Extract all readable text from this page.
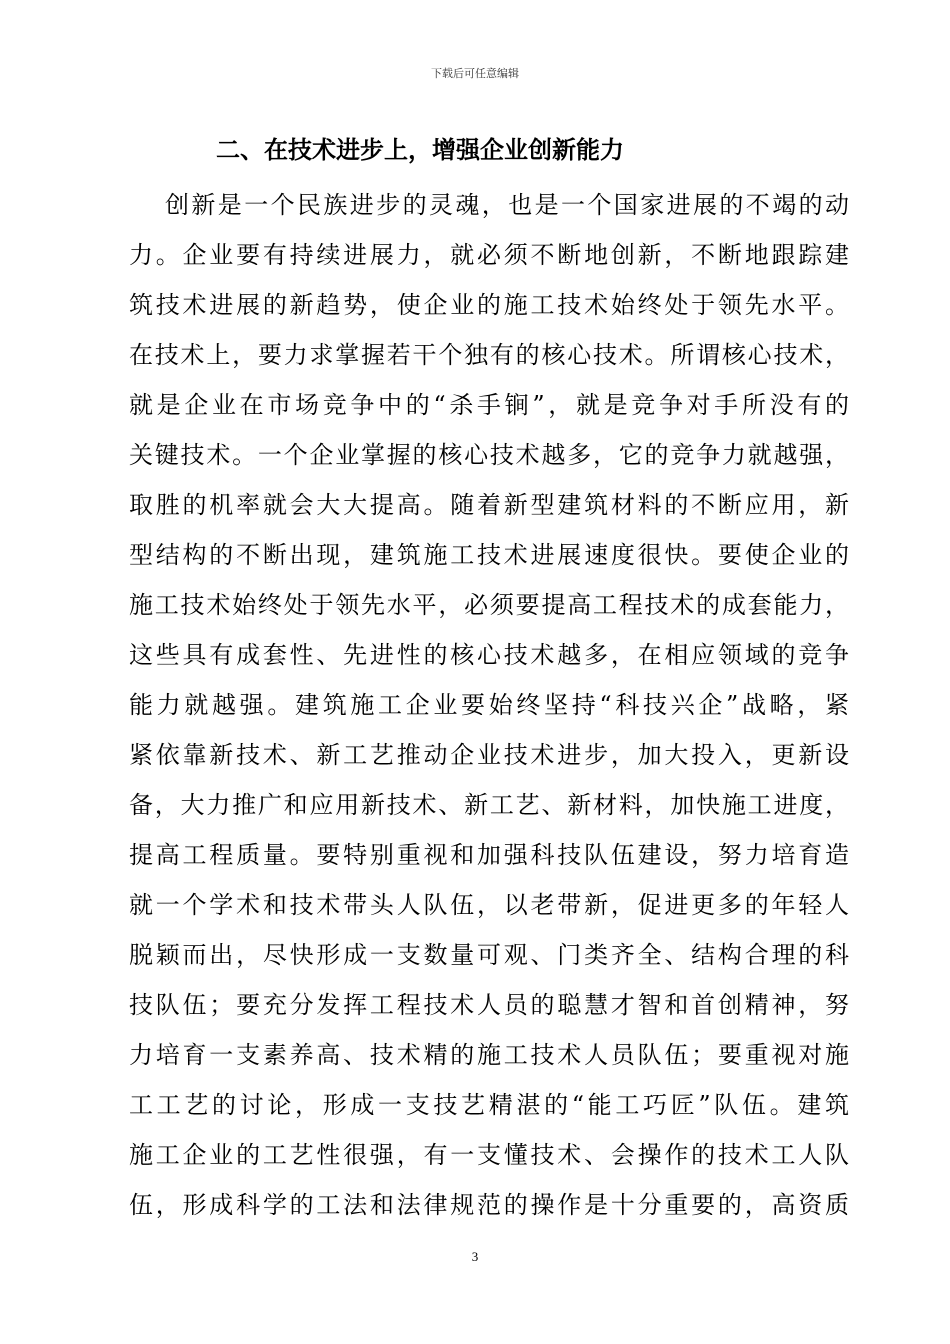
下载后可任意编辑
二、在技术进步上，增强企业创新能力
创新是一个民族进步的灵魂，也是一个国家进展的不竭的动
力。企业要有持续进展力，就必须不断地创新，不断地跟踪建
筑技术进展的新趋势，使企业的施工技术始终处于领先水平。
在技术上，要力求掌握若干个独有的核心技术。所谓核心技术，
就是企业在市场竞争中的“杀手锏”，就是竞争对手所没有的
关键技术。一个企业掌握的核心技术越多，它的竞争力就越强，
取胜的机率就会大大提高。随着新型建筑材料的不断应用，新
型结构的不断出现，建筑施工技术进展速度很快。要使企业的
施工技术始终处于领先水平，必须要提高工程技术的成套能力，
这些具有成套性、先进性的核心技术越多，在相应领域的竞争
能力就越强。建筑施工企业要始终坚持“科技兴企”战略，紧
紧依靠新技术、新工艺推动企业技术进步，加大投入，更新设
备，大力推广和应用新技术、新工艺、新材料，加快施工进度，
提高工程质量。要特别重视和加强科技队伍建设，努力培育造
就一个学术和技术带头人队伍，以老带新，促进更多的年轻人
脱颖而出，尽快形成一支数量可观、门类齐全、结构合理的科
技队伍；要充分发挥工程技术人员的聪慧才智和首创精神，努
力培育一支素养高、技术精的施工技术人员队伍；要重视对施
工工艺的讨论，形成一支技艺精湛的“能工巧匠”队伍。建筑
施工企业的工艺性很强，有一支懂技术、会操作的技术工人队
伍，形成科学的工法和法律规范的操作是十分重要的，高资质
3
